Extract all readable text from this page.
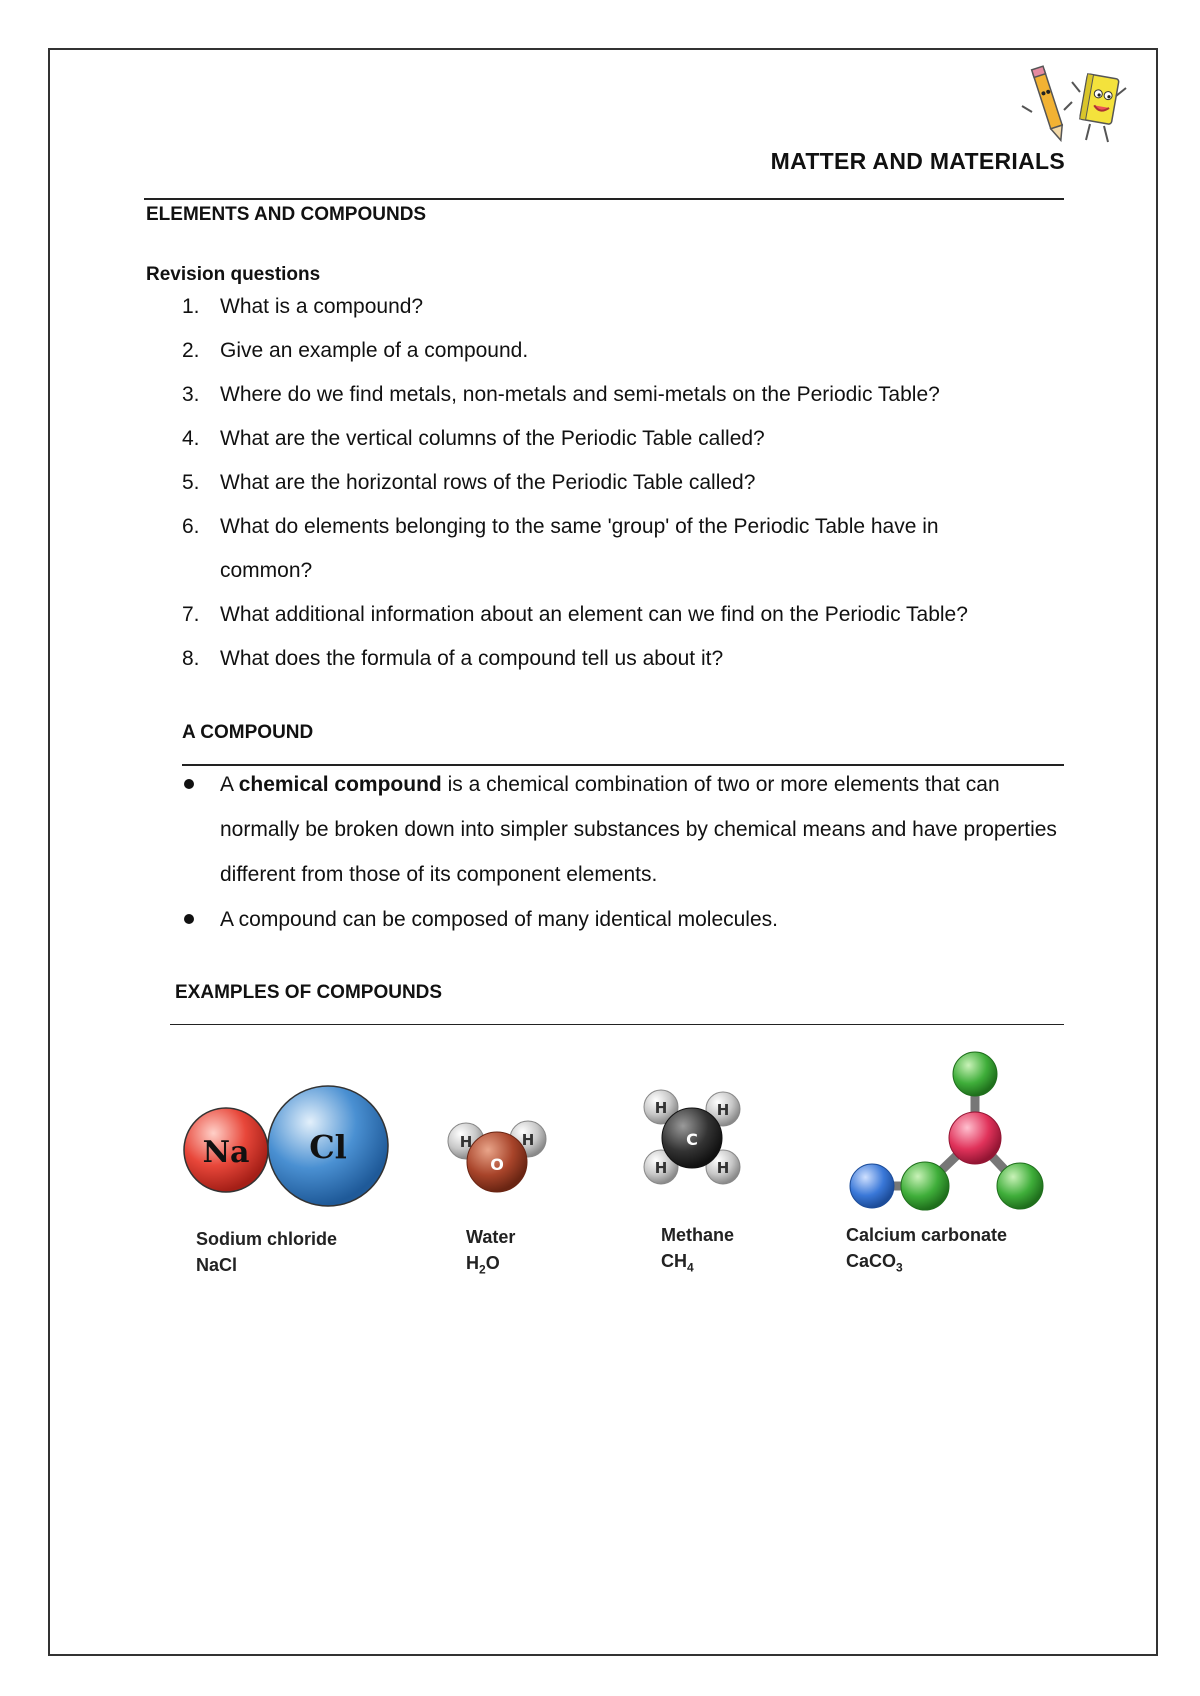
MATTER AND MATERIALS
ELEMENTS AND COMPOUNDS
Revision questions
1. What is a compound?
2. Give an example of a compound.
3. Where do we find metals, non-metals and semi-metals on the Periodic Table?
4. What are the vertical columns of the Periodic Table called?
5. What are the horizontal rows of the Periodic Table called?
6. What do elements belonging to the same 'group' of the Periodic Table have in common?
7. What additional information about an element can we find on the Periodic Table?
8. What does the formula of a compound tell us about it?
A COMPOUND
A chemical compound is a chemical combination of two or more elements that can normally be broken down into simpler substances by chemical means and have properties different from those of its component elements.
A compound can be composed of many identical molecules.
EXAMPLES OF COMPOUNDS
Na Cl	H	H
O
H	H
H	H
C
Sodium chloride
NaCl
Water
$H_2O$
Methane
$CH_4$
Calcium carbonate
CaCO$_3$
